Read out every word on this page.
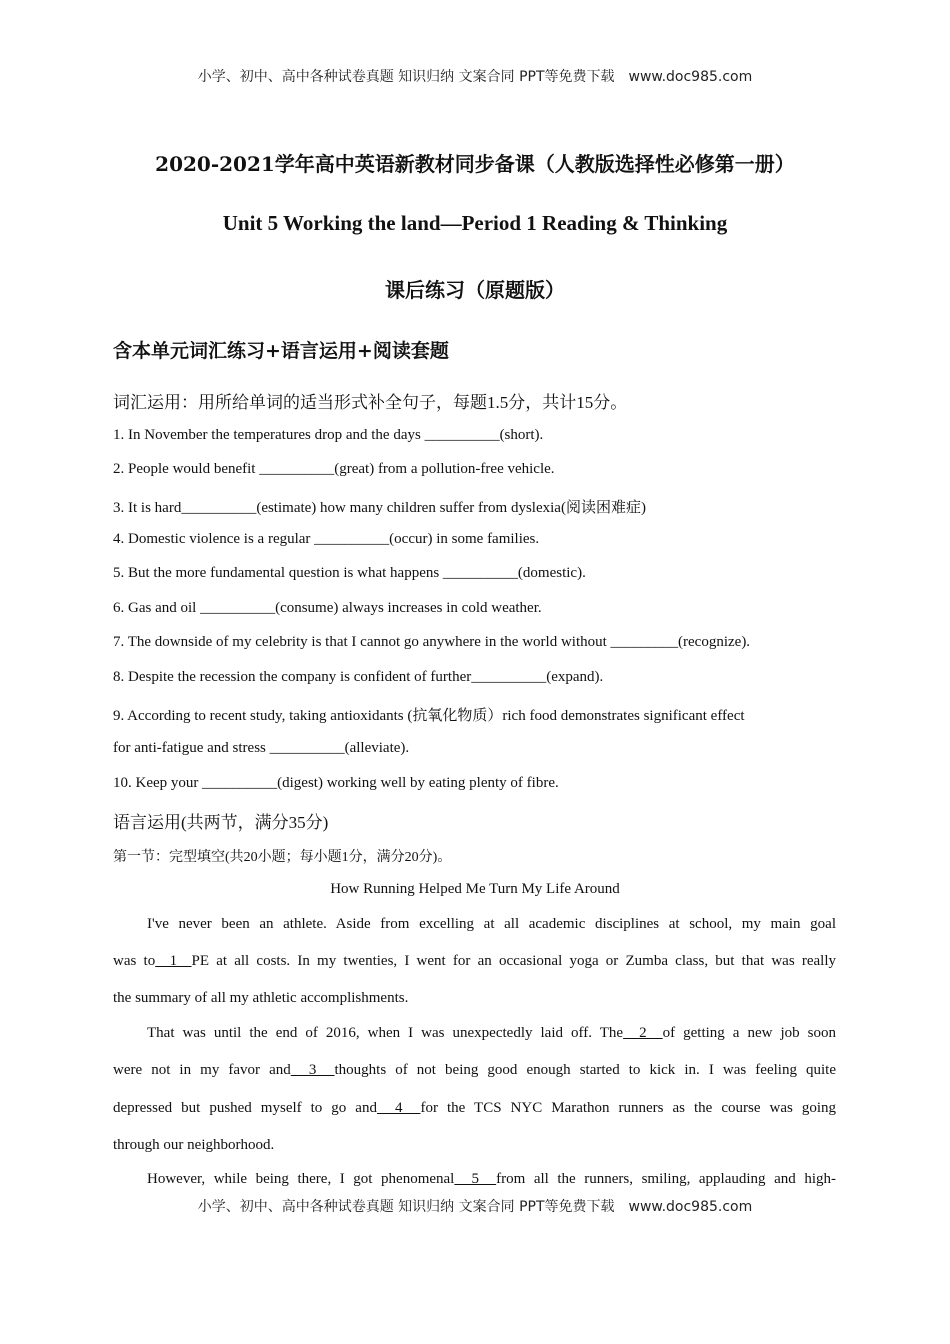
小学、初中、高中各种试卷真题 知识归纳 文案合同 PPT等免费下载　www.doc985.com
2020-2021学年高中英语新教材同步备课（人教版选择性必修第一册）
Unit 5 Working the land—Period 1 Reading & Thinking
课后练习（原题版）
含本单元词汇练习+语言运用+阅读套题
词汇运用：用所给单词的适当形式补全句子，每题1.5分，共计15分。
1. In November the temperatures drop and the days __________(short).
2. People would benefit __________(great) from a pollution-free vehicle.
3. It is hard__________(estimate) how many children suffer from dyslexia(阅读困难症)
4. Domestic violence is a regular __________(occur) in some families.
5. But the more fundamental question is what happens __________(domestic).
6. Gas and oil __________(consume) always increases in cold weather.
7. The downside of my celebrity is that I cannot go anywhere in the world without _________(recognize).
8. Despite the recession the company is confident of further__________(expand).
9. According to recent study, taking antioxidants (抗氧化物质）rich food demonstrates significant effect
for anti-fatigue and stress __________(alleviate).
10. Keep your __________(digest) working well by eating plenty of fibre.
语言运用(共两节，满分35分)
第一节：完型填空(共20小题；每小题1分，满分20分)。
How Running Helped Me Turn My Life Around
I've never been an athlete. Aside from excelling at all academic disciplines at school, my main goal
was to  1  PE at all costs. In my twenties, I went for an occasional yoga or Zumba class, but that was really
the summary of all my athletic accomplishments.
That was until the end of 2016, when I was unexpectedly laid off. The  2  of getting a new job soon
were not in my favor and  3  thoughts of not being good enough started to kick in. I was feeling quite
depressed but pushed myself to go and  4  for the TCS NYC Marathon runners as the course was going
through our neighborhood.
However, while being there, I got phenomenal  5  from all the runners, smiling, applauding and high-
小学、初中、高中各种试卷真题 知识归纳 文案合同 PPT等免费下载　www.doc985.com
